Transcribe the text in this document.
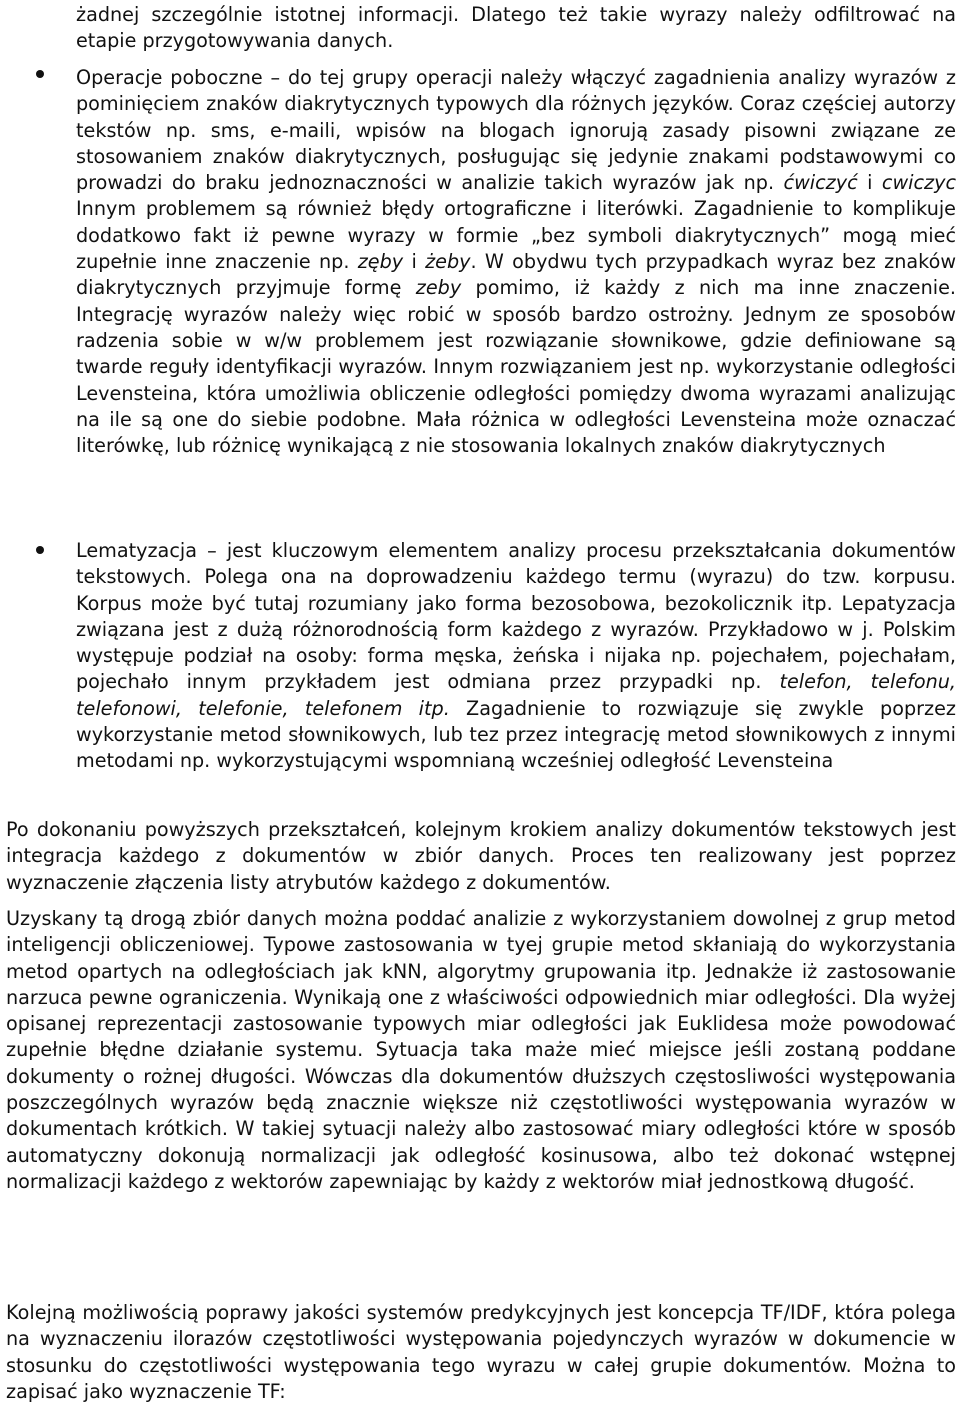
żadnej szczególnie istotnej informacji. Dlatego też takie wyrazy należy odfiltrować na etapie przygotowywania danych.

Operacje poboczne – do tej grupy operacji należy włączyć zagadnienia analizy wyrazów z pominięciem znaków diakrytycznych typowych dla różnych języków. Coraz częściej autorzy tekstów np. sms, e-maili, wpisów na blogach ignorują zasady pisowni związane ze stosowaniem znaków diakrytycznych, posługując się jedynie znakami podstawowymi co prowadzi do braku jednoznaczności w analizie takich wyrazów jak np. ćwiczyć i cwiczyc Innym problemem są również błędy ortograficzne i literówki. Zagadnienie to komplikuje dodatkowo fakt iż pewne wyrazy w formie „bez symboli diakrytycznych” mogą mieć zupełnie inne znaczenie np. zęby i żeby. W obydwu tych przypadkach wyraz bez znaków diakrytycznych przyjmuje formę zeby pomimo, iż każdy z nich ma inne znaczenie. Integrację wyrazów należy więc robić w sposób bardzo ostrożny. Jednym ze sposobów radzenia sobie w w/w problemem jest rozwiązanie słownikowe, gdzie definiowane są twarde reguły identyfikacji wyrazów. Innym rozwiązaniem jest np. wykorzystanie odległości Levensteina, która umożliwia obliczenie odległości pomiędzy dwoma wyrazami analizując na ile są one do siebie podobne. Mała różnica w odległości Levensteina może oznaczać literówkę, lub różnicę wynikającą z nie stosowania lokalnych znaków diakrytycznych

Lematyzacja – jest kluczowym elementem analizy procesu przekształcania dokumentów tekstowych. Polega ona na doprowadzeniu każdego termu (wyrazu) do tzw. korpusu. Korpus może być tutaj rozumiany jako forma bezosobowa, bezokolicznik itp. Lepatyzacja związana jest z dużą różnorodnością form każdego z wyrazów. Przykładowo w j. Polskim występuje podział na osoby: forma męska, żeńska i nijaka np. pojechałem, pojechałam, pojechało innym przykładem jest odmiana przez przypadki np. telefon, telefonu, telefonowi, telefonie, telefonem itp. Zagadnienie to rozwiązuje się zwykle poprzez wykorzystanie metod słownikowych, lub tez przez integrację metod słownikowych z innymi metodami np. wykorzystującymi wspomnianą wcześniej odległość Levensteina

Po dokonaniu powyższych przekształceń, kolejnym krokiem analizy dokumentów tekstowych jest integracja każdego z dokumentów w zbiór danych. Proces ten realizowany jest poprzez wyznaczenie złączenia listy atrybutów każdego z dokumentów.

Uzyskany tą drogą zbiór danych można poddać analizie z wykorzystaniem dowolnej z grup metod inteligencji obliczeniowej. Typowe zastosowania w tyej grupie metod skłaniają do wykorzystania metod opartych na odległościach jak kNN, algorytmy grupowania itp. Jednakże iż zastosowanie narzuca pewne ograniczenia. Wynikają one z właściwości odpowiednich miar odległości. Dla wyżej opisanej reprezentacji zastosowanie typowych miar odległości jak Euklidesa może powodować zupełnie błędne działanie systemu. Sytuacja taka maże mieć miejsce jeśli zostaną poddane dokumenty o rożnej długości. Wówczas dla dokumentów dłuższych częstosliwości występowania poszczególnych wyrazów będą znacznie większe niż częstotliwości występowania wyrazów w dokumentach krótkich. W takiej sytuacji należy albo zastosować miary odległości które w sposób automatyczny dokonują normalizacji jak odległość kosinusowa, albo też dokonać wstępnej normalizacji każdego z wektorów zapewniając by każdy z wektorów miał jednostkową długość.

Kolejną możliwością poprawy jakości systemów predykcyjnych jest koncepcja TF/IDF, która polega na wyznaczeniu ilorazów częstotliwości występowania pojedynczych wyrazów w dokumencie w stosunku do częstotliwości występowania tego wyrazu w całej grupie dokumentów. Można to zapisać jako wyznaczenie TF:
